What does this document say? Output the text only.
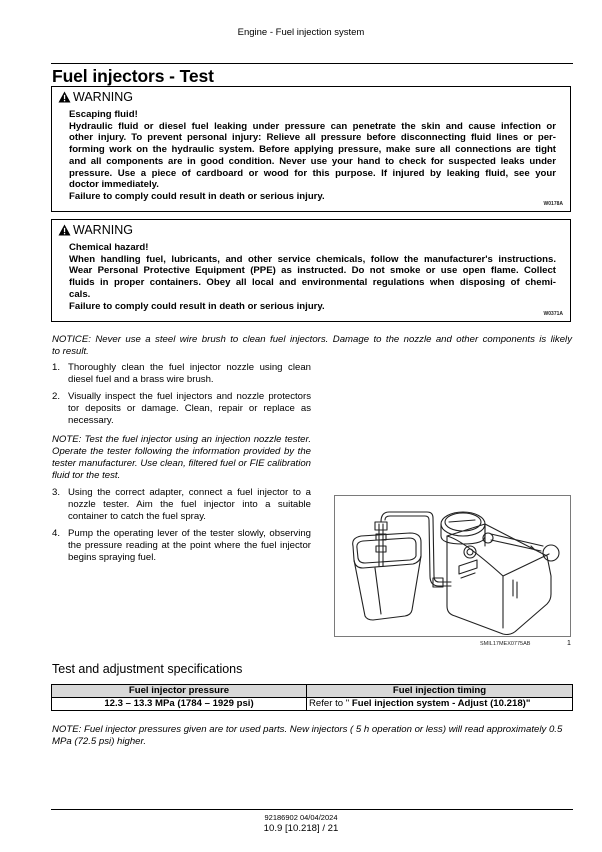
Engine - Fuel injection system
Fuel injectors - Test
WARNING
Escaping fluid!
Hydraulic fluid or diesel fuel leaking under pressure can penetrate the skin and cause infection or
other injury. To prevent personal injury: Relieve all pressure before disconnecting fluid lines or per-
forming work on the hydraulic system. Before applying pressure, make sure all connections are tight
and all components are in good condition. Never use your hand to check for suspected leaks under
pressure. Use a piece of cardboard or wood for this purpose. If injured by leaking fluid, see your
doctor immediately.
Failure to comply could result in death or serious injury.
W0178A
WARNING
Chemical hazard!
When handling fuel, lubricants, and other service chemicals, follow the manufacturer's instructions.
Wear Personal Protective Equipment (PPE) as instructed. Do not smoke or use open flame. Collect
fluids in proper containers. Obey all local and environmental regulations when disposing of chemi-
cals.
Failure to comply could result in death or serious injury.
W0371A
NOTICE: Never use a steel wire brush to clean fuel injectors. Damage to the nozzle and other components is likely
to result.
1. Thoroughly clean the fuel injector nozzle using clean diesel fuel and a brass wire brush.
2. Visually inspect the fuel injectors and nozzle protectors tor deposits or damage. Clean, repair or replace as necessary.
NOTE: Test the fuel injector using an injection nozzle tester. Operate the tester following the information provided by the tester manufacturer. Use clean, filtered fuel or FIE calibration fluid tor the test.
3. Using the correct adapter, connect a fuel injector to a nozzle tester. Aim the fuel injector into a suitable container to catch the fuel spray.
4. Pump the operating lever of the tester slowly, observing the pressure reading at the point where the fuel injector begins spraying fuel.
SMIL17MEX0775AB	1
Test and adjustment specifications
Fuel injector pressure	Fuel injection timing
12.3 – 13.3 MPa (1784 – 1929 psi)	Refer to " Fuel injection system - Adjust (10.218)"
NOTE: Fuel injector pressures given are tor used parts. New injectors ( 5 h operation or less) will read approximately 0.5 MPa (72.5 psi) higher.
92186902 04/04/2024
10.9 [10.218] / 21
